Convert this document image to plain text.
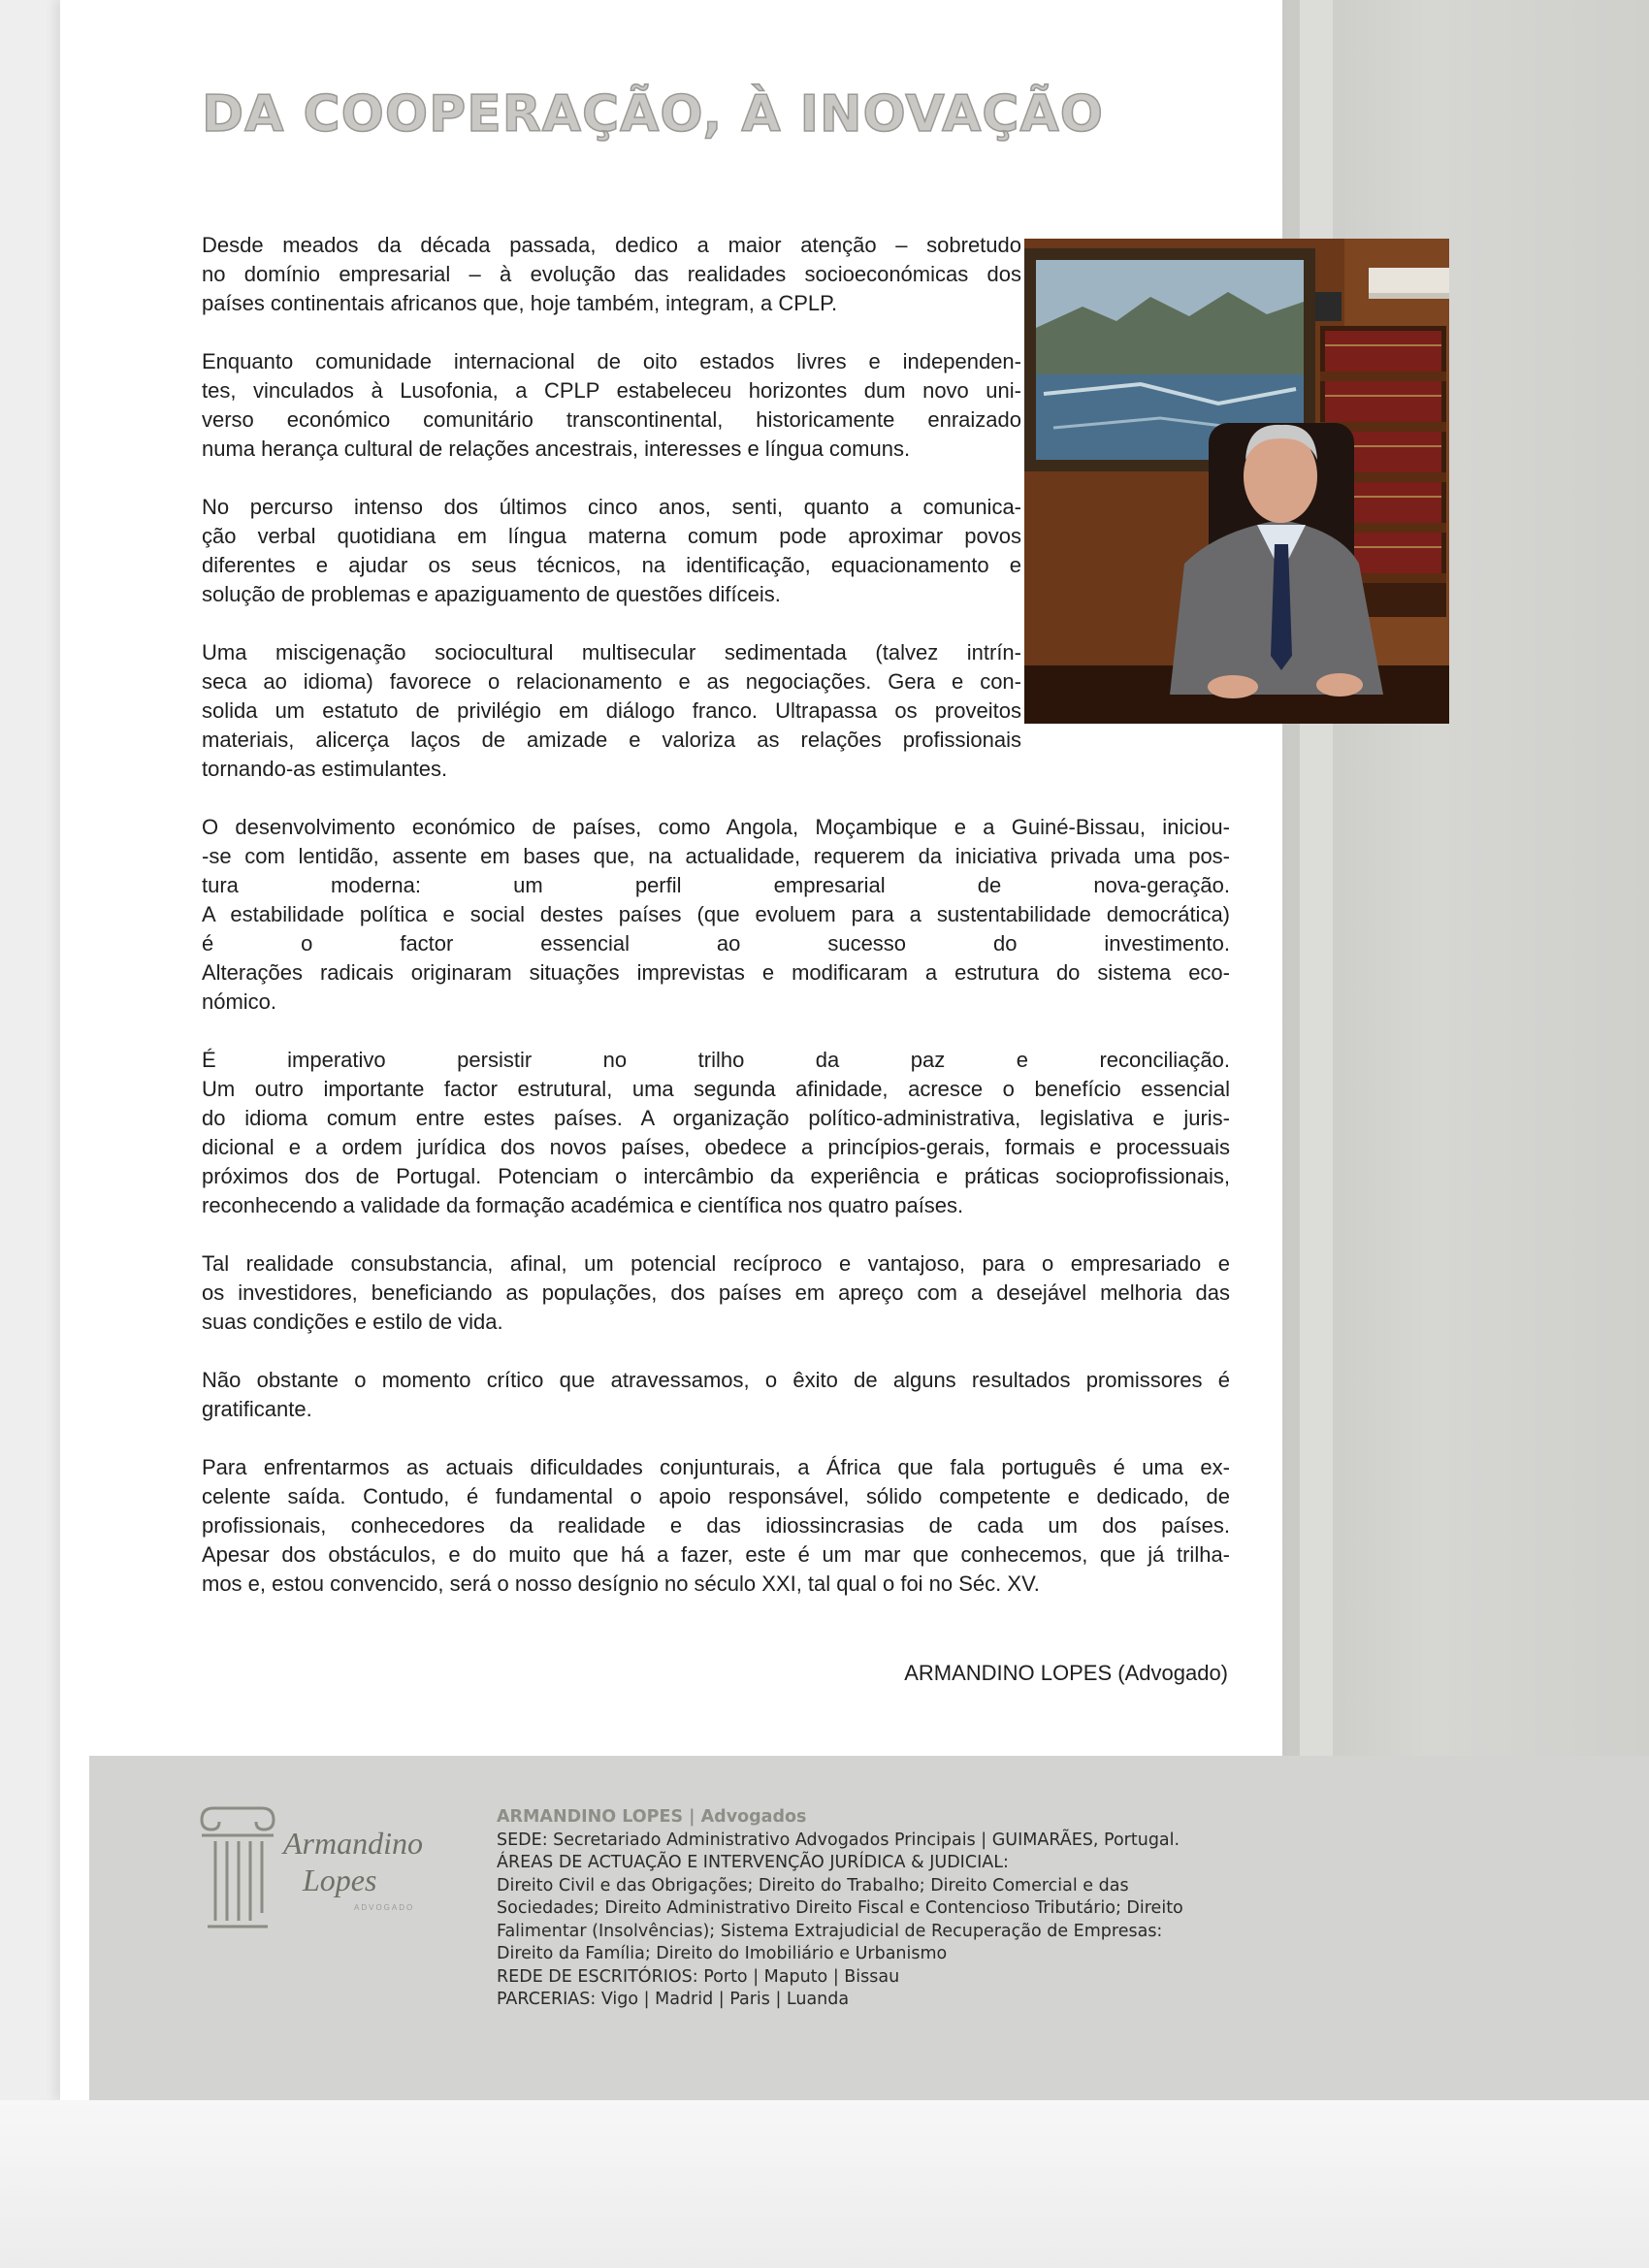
DA COOPERAÇÃO, À INOVAÇÃO

Desde meados da década passada, dedico a maior atenção – sobretudo
no domínio empresarial – à evolução das realidades socioeconómicas dos
países continentais africanos que, hoje também, integram, a CPLP.

Enquanto comunidade internacional de oito estados livres e independen-
tes, vinculados à Lusofonia, a CPLP estabeleceu horizontes dum novo uni-
verso económico comunitário transcontinental, historicamente enraizado
numa herança cultural de relações ancestrais, interesses e língua comuns.

No percurso intenso dos últimos cinco anos, senti, quanto a comunica-
ção verbal quotidiana em língua materna comum pode aproximar povos
diferentes e ajudar os seus técnicos, na identificação, equacionamento e
solução de problemas e apaziguamento de questões difíceis.

Uma miscigenação sociocultural multisecular sedimentada (talvez intrín-
seca ao idioma) favorece o relacionamento e as negociações. Gera e con-
solida um estatuto de privilégio em diálogo franco. Ultrapassa os proveitos
materiais, alicerça laços de amizade e valoriza as relações profissionais
tornando-as estimulantes.

O desenvolvimento económico de países, como Angola, Moçambique e a Guiné-Bissau, iniciou-
-se com lentidão, assente em bases que, na actualidade, requerem da iniciativa privada uma pos-
tura moderna: um perfil empresarial de nova-geração.
A estabilidade política e social destes países (que evoluem para a sustentabilidade democrática)
é o factor essencial ao sucesso do investimento.
Alterações radicais originaram situações imprevistas e modificaram a estrutura do sistema eco-
nómico.

É imperativo persistir no trilho da paz e reconciliação.
Um outro importante factor estrutural, uma segunda afinidade, acresce o benefício essencial
do idioma comum entre estes países. A organização político-administrativa, legislativa e juris-
dicional e a ordem jurídica dos novos países, obedece a princípios-gerais, formais e processuais
próximos dos de Portugal. Potenciam o intercâmbio da experiência e práticas socioprofissionais,
reconhecendo a validade da formação académica e científica nos quatro países.

Tal realidade consubstancia, afinal, um potencial recíproco e vantajoso, para o empresariado e
os investidores, beneficiando as populações, dos países em apreço com a desejável melhoria das
suas condições e estilo de vida.

Não obstante o momento crítico que atravessamos, o êxito de alguns resultados promissores é
gratificante.

Para enfrentarmos as actuais dificuldades conjunturais, a África que fala português é uma ex-
celente saída. Contudo, é fundamental o apoio responsável, sólido competente e dedicado, de
profissionais, conhecedores da realidade e das idiossincrasias de cada um dos países.
Apesar dos obstáculos, e do muito que há a fazer, este é um mar que conhecemos, que já trilha-
mos e, estou convencido, será o nosso desígnio no século XXI, tal qual o foi no Séc. XV.

ARMANDINO LOPES (Advogado)
Armandino
Lopes
ADVOGADO
ARMANDINO LOPES | Advogados
SEDE: Secretariado Administrativo Advogados Principais | GUIMARÃES, Portugal.
ÁREAS DE ACTUAÇÃO E INTERVENÇÃO JURÍDICA & JUDICIAL:
Direito Civil e das Obrigações; Direito do Trabalho; Direito Comercial e das
Sociedades; Direito Administrativo Direito Fiscal e Contencioso Tributário; Direito
Falimentar (Insolvências); Sistema Extrajudicial de Recuperação de Empresas:
Direito da Família; Direito do Imobiliário e Urbanismo
REDE DE ESCRITÓRIOS: Porto | Maputo | Bissau
PARCERIAS: Vigo | Madrid | Paris | Luanda
